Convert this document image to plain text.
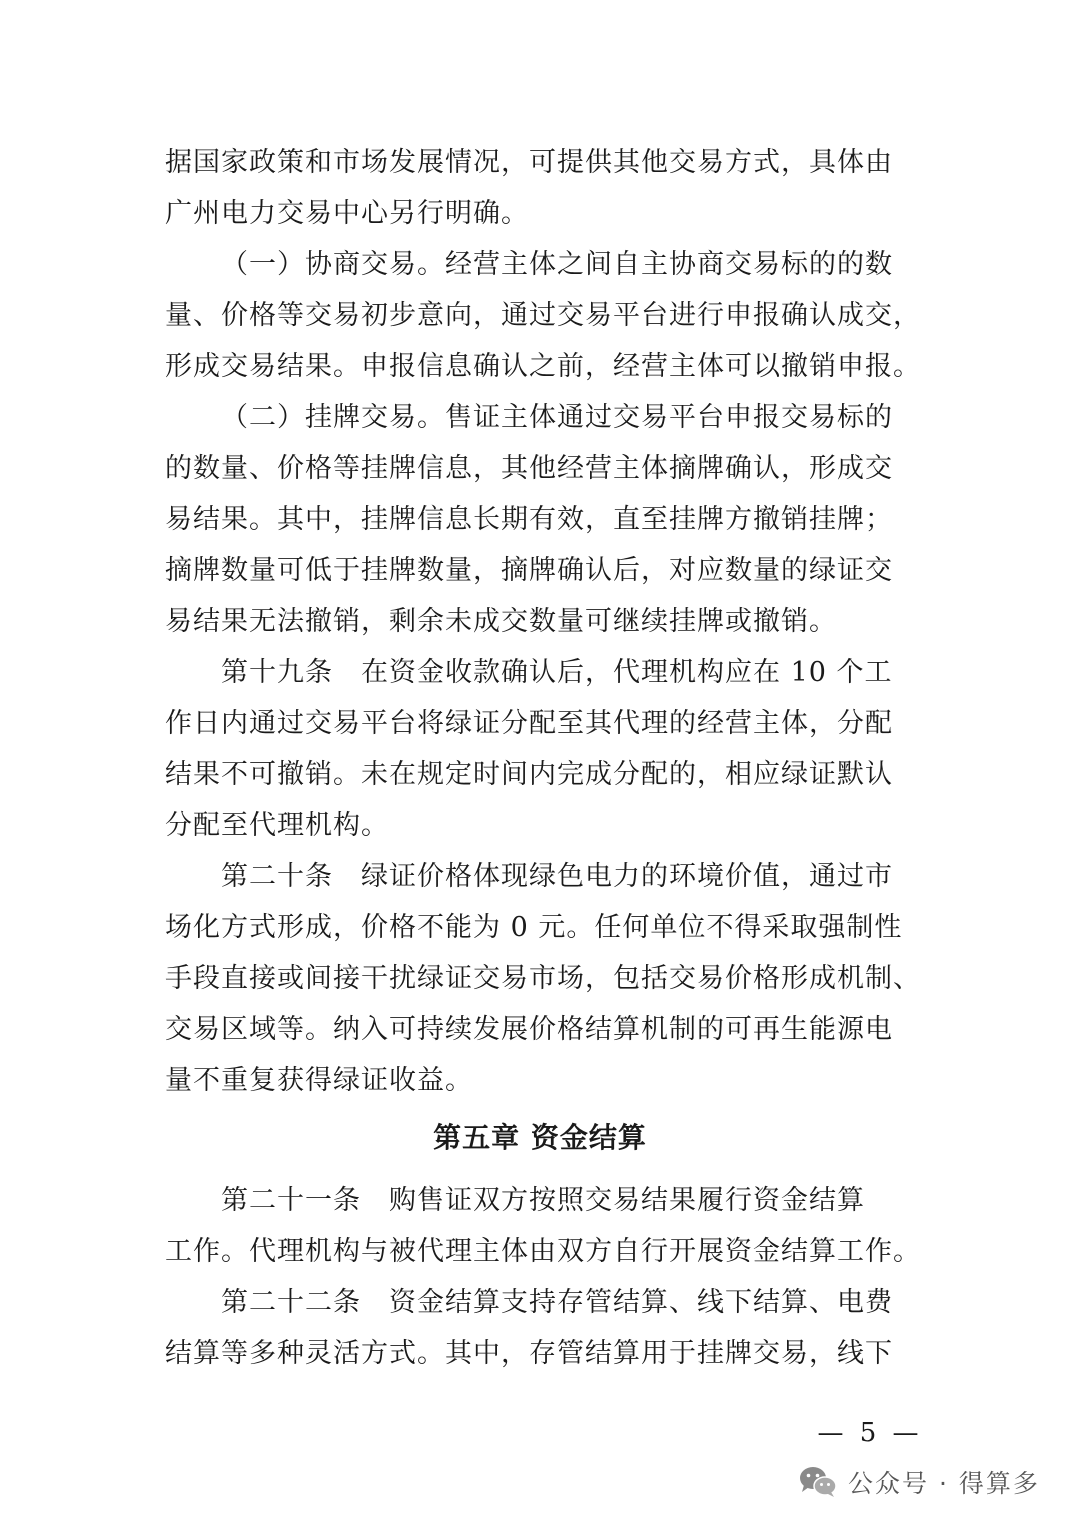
据国家政策和市场发展情况，可提供其他交易方式，具体由
广州电力交易中心另行明确。
（一）协商交易。经营主体之间自主协商交易标的的数
量、价格等交易初步意向，通过交易平台进行申报确认成交，
形成交易结果。申报信息确认之前，经营主体可以撤销申报。
（二）挂牌交易。售证主体通过交易平台申报交易标的
的数量、价格等挂牌信息，其他经营主体摘牌确认，形成交
易结果。其中，挂牌信息长期有效，直至挂牌方撤销挂牌；
摘牌数量可低于挂牌数量，摘牌确认后，对应数量的绿证交
易结果无法撤销，剩余未成交数量可继续挂牌或撤销。
第十九条　在资金收款确认后，代理机构应在 10 个工
作日内通过交易平台将绿证分配至其代理的经营主体，分配
结果不可撤销。未在规定时间内完成分配的，相应绿证默认
分配至代理机构。
第二十条　绿证价格体现绿色电力的环境价值，通过市
场化方式形成，价格不能为 0 元。任何单位不得采取强制性
手段直接或间接干扰绿证交易市场，包括交易价格形成机制、
交易区域等。纳入可持续发展价格结算机制的可再生能源电
量不重复获得绿证收益。
第五章 资金结算
第二十一条　购售证双方按照交易结果履行资金结算
工作。代理机构与被代理主体由双方自行开展资金结算工作。
第二十二条　资金结算支持存管结算、线下结算、电费
结算等多种灵活方式。其中，存管结算用于挂牌交易，线下
— 5 —
公众号 · 得算多
